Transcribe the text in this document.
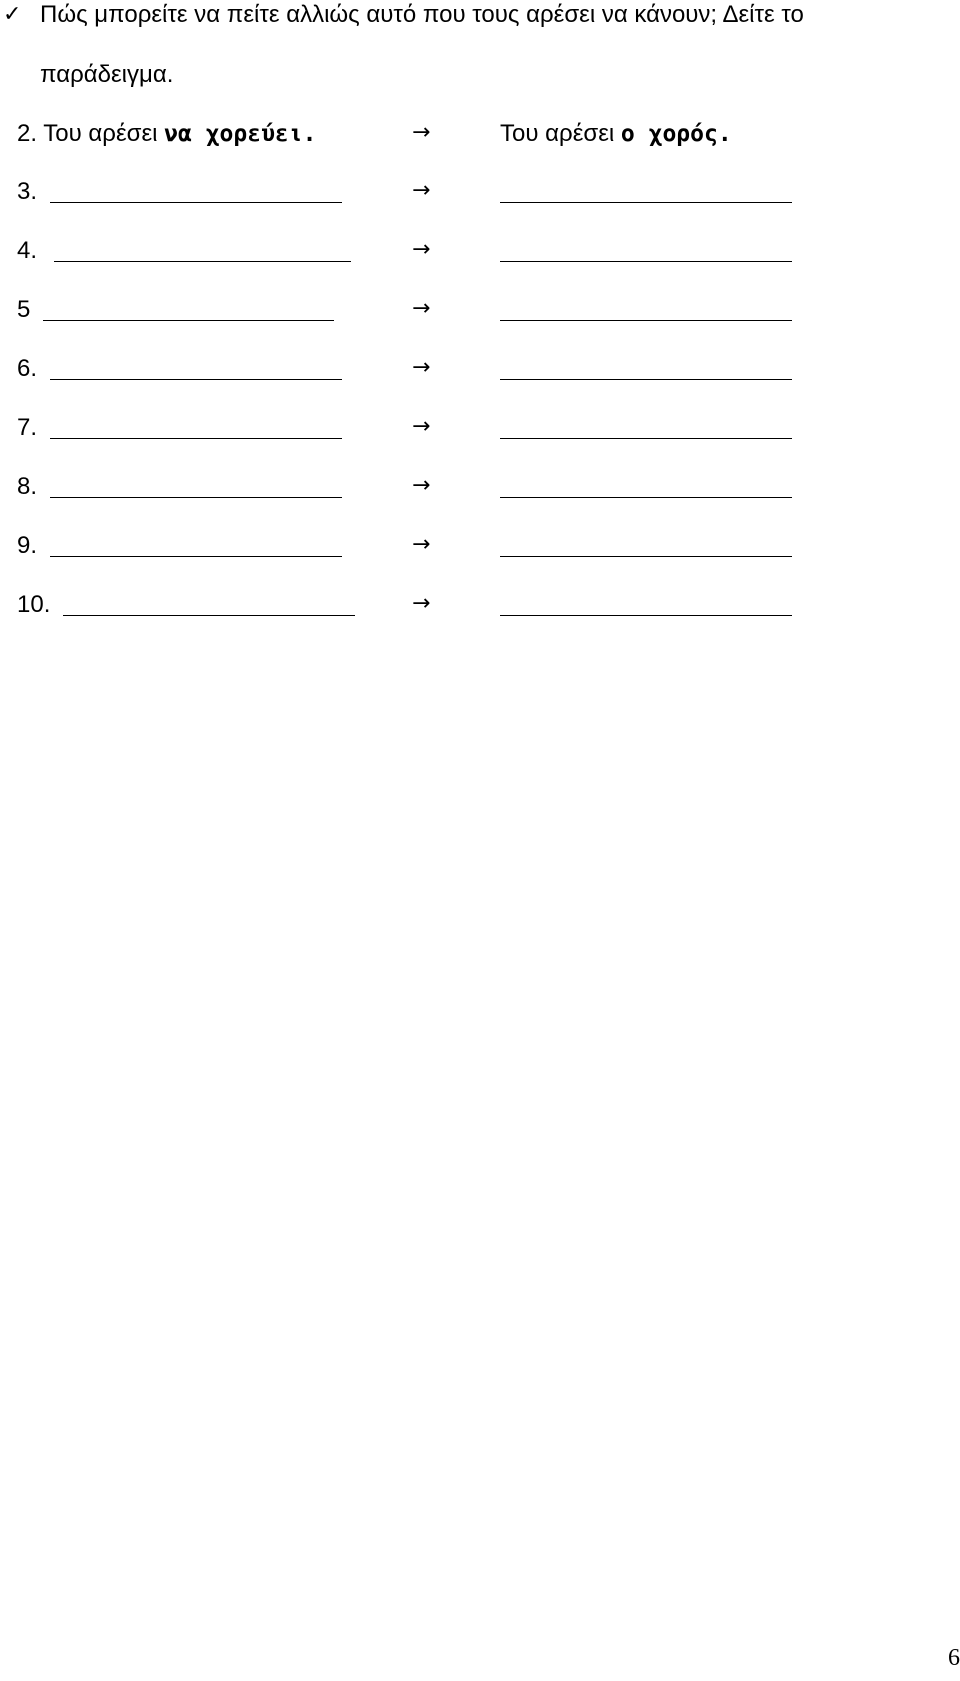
✓ Πώς μπορείτε να πείτε αλλιώς αυτό που τους αρέσει να κάνουν; Δείτε το
παράδειγμα.
2. Του αρέσει να χορεύει.	→	Του αρέσει ο χορός.
3.	→
4.	→
5	→
6.	→
7.	→
8.	→
9.	→
10.	→
6
